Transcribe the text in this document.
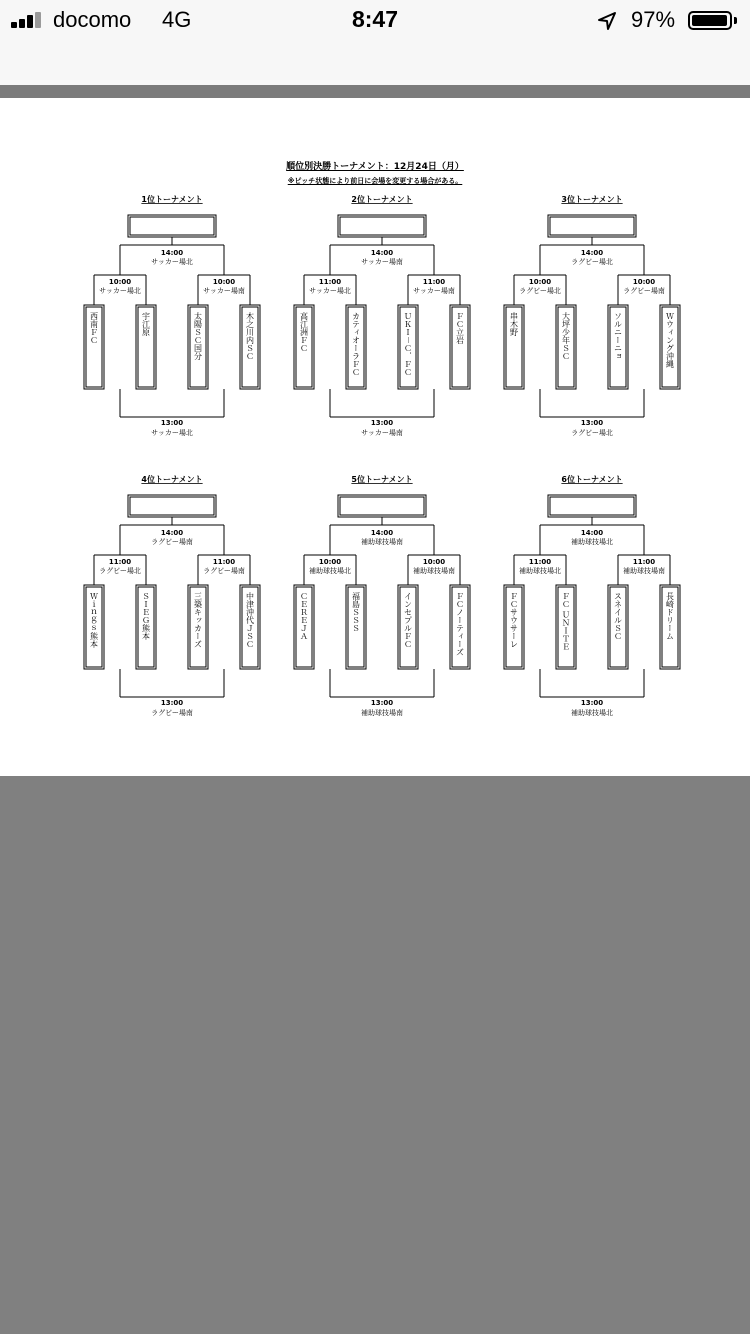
docomo 4G	8:47	97%
順位別決勝トーナメント：12月24日（月）
※ピッチ状態により前日に会場を変更する場合がある。
1位トーナメント
14:00
サッカー場北
10:00
サッカー場北
10:00
サッカー場南
西南ＦＣ	宇江原	太陽ＳＣ国分	木之川内ＳＣ
13:00
サッカー場北
2位トーナメント
14:00
サッカー場南
11:00
サッカー場北
11:00
サッカー場南
高江洲ＦＣ	カティオーラＦＣ	ＵＫＩ－Ｃ．ＦＣ	ＦＣ立岩
13:00
サッカー場南
3位トーナメント
14:00
ラグビー場北
10:00
ラグビー場北
10:00
ラグビー場南
串木野	大坪少年ＳＣ	ソルニーニョ	Ｗウィング沖縄
13:00
ラグビー場北
4位トーナメント
14:00
ラグビー場南
11:00
ラグビー場北
11:00
ラグビー場南
Ｗｉｎｇｓ熊本	ＳＩＥＧ熊本	三築キッカーズ	中津沖代ＪＳＣ
13:00
ラグビー場南
5位トーナメント
14:00
補助球技場南
10:00
補助球技場北
10:00
補助球技場南
ＣＥＲＥＪＡ	福島ＳＳＳ	インセプルＦＣ	ＦＣノーティーズ
13:00
補助球技場南
6位トーナメント
14:00
補助球技場北
11:00
補助球技場北
11:00
補助球技場南
ＦＣサウサーレ	ＦＣ ＵＮＩＴＥ	スネイルＳＣ	長崎ドリーム
13:00
補助球技場北
